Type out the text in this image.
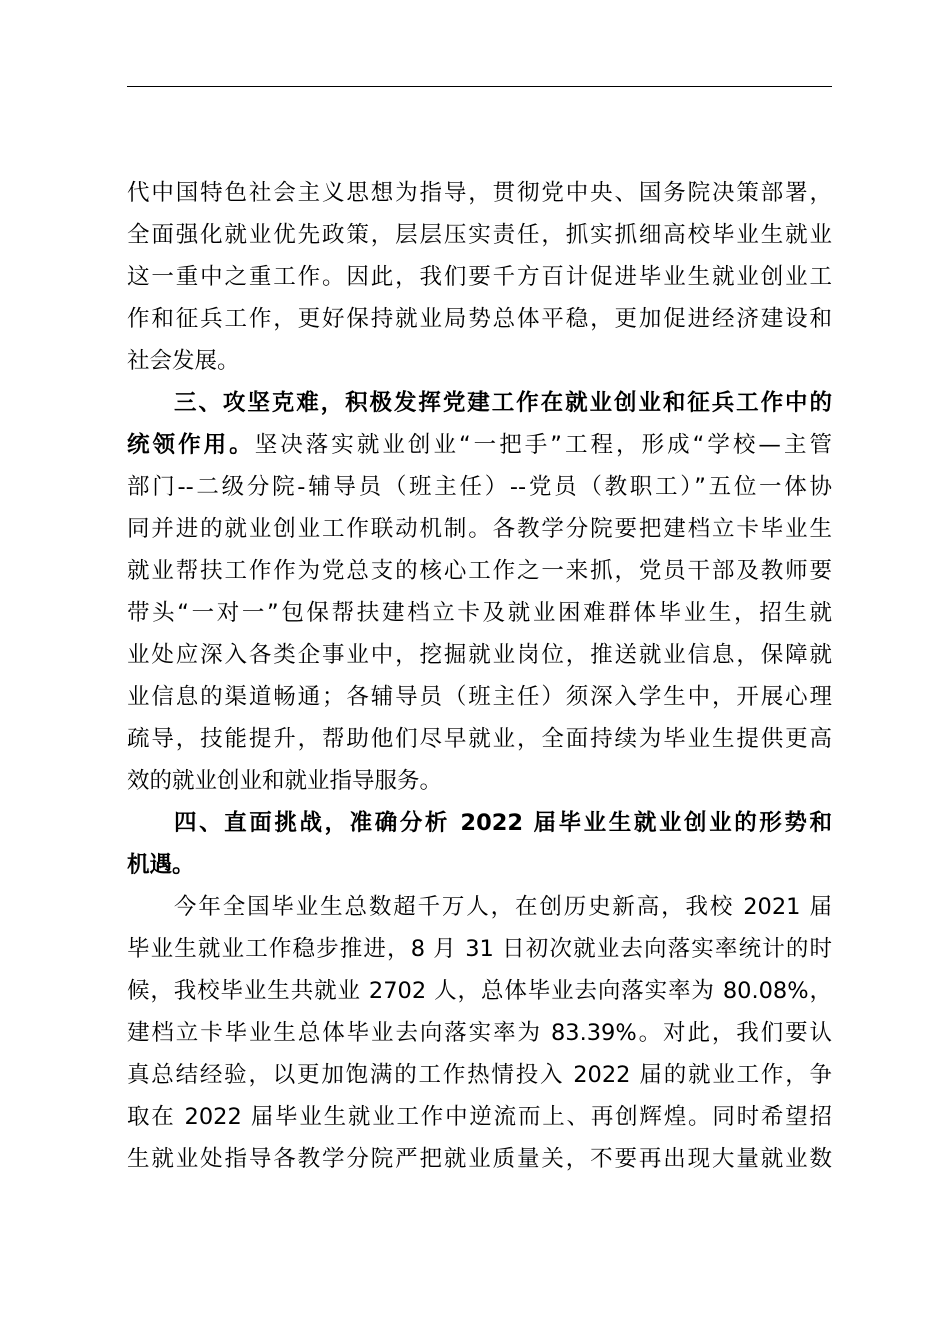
代中国特色社会主义思想为指导，贯彻党中央、国务院决策部署，
全面强化就业优先政策，层层压实责任，抓实抓细高校毕业生就业
这一重中之重工作。因此，我们要千方百计促进毕业生就业创业工
作和征兵工作，更好保持就业局势总体平稳，更加促进经济建设和
社会发展。
三、攻坚克难，积极发挥党建工作在就业创业和征兵工作中的
统领作用。坚决落实就业创业“一把手”工程，形成“学校—主管
部门--二级分院-辅导员（班主任）--党员（教职工）”五位一体协
同并进的就业创业工作联动机制。各教学分院要把建档立卡毕业生
就业帮扶工作作为党总支的核心工作之一来抓，党员干部及教师要
带头“一对一”包保帮扶建档立卡及就业困难群体毕业生，招生就
业处应深入各类企事业中，挖掘就业岗位，推送就业信息，保障就
业信息的渠道畅通；各辅导员（班主任）须深入学生中，开展心理
疏导，技能提升，帮助他们尽早就业，全面持续为毕业生提供更高
效的就业创业和就业指导服务。
四、直面挑战，准确分析 2022 届毕业生就业创业的形势和
机遇。
今年全国毕业生总数超千万人，在创历史新高，我校 2021 届
毕业生就业工作稳步推进，8 月 31 日初次就业去向落实率统计的时
候，我校毕业生共就业 2702 人，总体毕业去向落实率为 80.08%，
建档立卡毕业生总体毕业去向落实率为 83.39%。对此，我们要认
真总结经验，以更加饱满的工作热情投入 2022 届的就业工作，争
取在 2022 届毕业生就业工作中逆流而上、再创辉煌。同时希望招
生就业处指导各教学分院严把就业质量关，不要再出现大量就业数
